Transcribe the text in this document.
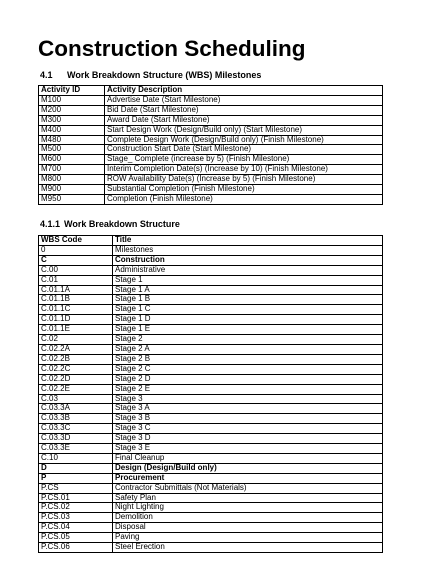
Construction Scheduling
4.1 Work Breakdown Structure (WBS) Milestones
Activity ID	Activity Description
M100	Advertise Date (Start Milestone)
M200	Bid Date (Start Milestone)
M300	Award Date (Start Milestone)
M400	Start Design Work (Design/Build only) (Start Milestone)
M480	Complete Design Work (Design/Build only) (Finish Milestone)
M500	Construction Start Date (Start Milestone)
M600	Stage_ Complete (increase by 5) (Finish Milestone)
M700	Interim Completion Date(s) (Increase by 10) (Finish Milestone)
M800	ROW Availability Date(s) (Increase by 5) (Finish Milestone)
M900	Substantial Completion (Finish Milestone)
M950	Completion (Finish Milestone)
4.1.1 Work Breakdown Structure
WBS Code	Title
0	Milestones
C	Construction
C.00	Administrative
C.01	Stage 1
C.01.1A	Stage 1 A
C.01.1B	Stage 1 B
C.01.1C	Stage 1 C
C.01.1D	Stage 1 D
C.01.1E	Stage 1 E
C.02	Stage 2
C.02.2A	Stage 2 A
C.02.2B	Stage 2 B
C.02.2C	Stage 2 C
C.02.2D	Stage 2 D
C.02.2E	Stage 2 E
C.03	Stage 3
C.03.3A	Stage 3 A
C.03.3B	Stage 3 B
C.03.3C	Stage 3 C
C.03.3D	Stage 3 D
C.03.3E	Stage 3 E
C.10	Final Cleanup
D	Design (Design/Build only)
P	Procurement
P.CS	Contractor Submittals (Not Materials)
P.CS.01	Safety Plan
P.CS.02	Night Lighting
P.CS.03	Demolition
P.CS.04	Disposal
P.CS.05	Paving
P.CS.06	Steel Erection
